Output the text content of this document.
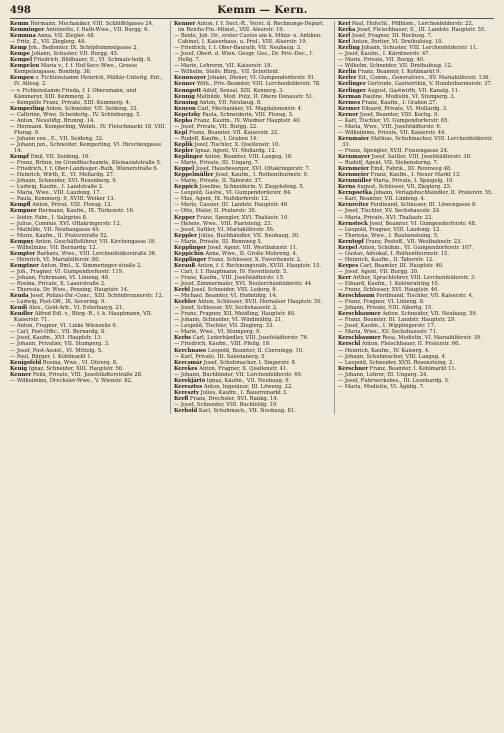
498	Kemm — Kern.

Kemm Hermann, Mechaniker, VIII. Schlöffelgasse 24.

Kemminger Antoinette, f. Rath-Wwe., VII. Burgg. 6.

Kemmna Anna, VII. Ziegler. 48.

— Fritz, Z., VII. Zieglerg. 48.

Kemp Joh., Bedienter, IX. Schöpfsimmelgasse 2.

Kempe Johann, Schuster, VII. Burgg. 45.

Kempel Friedrich, Bildhauer, E., VI. Schmalz-hofg. 8.

Kempelen Maria v., f. f. Hof-Secr.-Wwe., Grosse Kempelengasse, Bondstg. 36.

Kempen v. Fichtenstamm Heinrich, Militär-Unterlg. Ent., IV. Alleeg. 2.

— v. Fichtenstamm Frieda, f. f. Obersmann, und Kämmerer, XIII. Kemmerg. 2.

— Kempelle Franz, Private, XIII. Kemmerg. 4.

Kemperling Anton, Schneider, VII. Seideng. 32.

— Cathrine, Wwe. Scheiderlg., IV. Schönburgg. 5.

— Anton, Neustiftg. Brunng. 14.

— Hermann, Kemperling, Weinh., IV. Fleischmarkt 18, VIII. Florag. 9.

— Johann sen., E., VII. Seideng. 32.

— Johann jun., Schneider, Kemperling, VI. Hirschengasse 14.

Kempf Emil, VII. Seideng. 16.

— Franz, Brünn. im Grundbuchsamte, Kleinasiatstraße 5.

— Friedrich, f. f. Ober-Landesger.-Rath, Wienerstraße 6.

— Heinrich, Wirth, E., VI. Mollardg. 27.

— Johann, Schneider, XVI. Rosenberg. 9.

— Ludwig, Kaufm., I. Landstraße 2.

— Maria, Wwe., VIII. Laudong. 17.

— Paula, Kemmerg. 9, XVIII. Weiker 13.

Kempfl Anton, Privat, VIII. Florag. 12.

Kempner Hermann, Kaufm., IX. Türkenstr. 16.

— Isidor, Fabr., I. Salzgries 8.

— Julius, Commis, XVI. Ottakringerstr. 12.

— Mathilde, VII. Neubaugasse 44.

— Moriz, Kaufm., II. Praterstraße 52.

Kempny Anton, Geschäftsführer, VII. Kirchengasse 18.

— Wilhelmine, VII. Bernardg. 12.

Kempter Barbara, Wwe., VIII. Lerchenfelderstraße 36.

— Heinrich, VI. Mariahilferstr. 80.

Kemptner Anton, Bmt., X. Simmeringer-straße 2.

— Joh., Fragner, VI. Gumpendorferstr. 119.

— Johann, Fuhrmann, VI. Linieng. 48.

— Rosina, Private, X. Laaerstraße 2.

— Theresia, Dr. Wwe., Penzing, Hauptstr. 14.

Kenda Josef, Polizei-Dir.-Conc., XIII. Schönbrunnerstr. 12.

— Ludwig, Post-Off., IX. Severing. 9.

Kendi Alex., Gold-Arb., VI. Esterhazyg. 21.

Kendler Alfred Edl. v., Bürg.-R., f. k. Hauptmann, VII. Kaiserstr. 71.

— Anton, Fragner, VI. Linke Wienzeile 6.

— Carl, Post-Offic., VII. Bernardg. 8.

— Josef, Kaufm., XVI. Hauptstr. 13.

— Johann, Privatier, VII. Stumperg. 3.

— Josef, Post-Assist., VI. Mittelg. 5.

— Paul, Bürger, I. Kohlmarkt 1.

Kenigsfeld Rosina, Wwe., VI. Dürerg. 8.

Kenig Ignaz, Schneider, XIII. Hauptstr. 56.

Kenner Felix, Private, VIII. Josefstädterstraße 28.

— Wilhelmine, Drechsler-Wwe., V. Wienstr. 82.

Kenner Anton, f. f. Sect.-R., Vorst. d. Rechnungs-Depart. im Reichs-Fin.-Minist., VIII. Alserstr. 19.

— Beide, Joh. Dr., erster Custos am k. Münz- u. Antiken-Cabinet, I. Kaiserhaus, u. Prof., VIII. Alserstr. 19.

— Friedrich, f. f. Ober-Baurath, VII. Neubaug. 3.

— Josef, Oberl. d. Wien. Geogr. Ges., Dr. Priv.-Doc., I. Heßg. 7.

— Marie, Lehrerin, VII. Kaiserstr. 18.

— Wilhelm, Stellv. Bürg., VII. Schottenf.

Kennwayer Johann, Diener, VI. Gumpendorferstr. 91.

Kenner Wilh., Priv.-Beamter, VIII. Lerchenfelderstr. 78.

Kenngott Adolf, Sensal, XIII. Kennerg. 3.

Kennig Mathilde, Mod. Putz, II. Obere Donaustr. 51.

Kensing Anton, VII. Neubaug. 8.

Kenyon Carl, Mechaniker, VI. Magdalenenstr. 4.

Kepetzky Paula, Schneiderin, VIII. Florag. 5.

Kepka Franz, Kaufm., IV. Wiedner Hauptstr. 40.

— Josef, Private, VII. Burgg. 22.

Kepl Franz, Beamter, VII. Kaiserstr. 32.

— Rudolf, Kaufm., I. Graben 14.

Keplik Josef, Tischler, X. Quellenstr. 10.

Kepler Ignaz, Agent, VI. Mollardg. 12.

Keplinger Anton, Beamter, VIII. Langeg. 18.

— Marie, Private, III. Ungarg. 7.

Keppel Josef, Hausbesorger, XVI. Ottakringerstr. 7.

Keppelmüller Josef, Kaufm., I. Rothenthurmstr. 9.

— Marie, Private, II. Taborstr. 37.

Keppich Josefine, Schneiderin, V. Ziegelofeng. 5.

— Leopold, Gastw., VI. Gumpendorferstr. 84.

— Max, Agent, IX. Nußdorferstr. 12.

— Moriz, Cassier, III. Landstr. Hauptstr. 46.

— Otto, Maler, II. Praterstr. 30.

Kepper Franz, Spengler, XVI. Thaliastr. 10.

— Helene, Wwe., VIII. Piaristeng. 23.

— Josef, Sattler, VI. Mariahilferstr. 56.

Keppler Julius, Buchhändler, VII. Neubaug. 30.

— Marie, Private, III. Rennweg 5.

Keppfinger Josef, Agent, VII. Westbahnstr. 11.

Keppichin Anna, Wwe., II. Große Mohreng. 4.

Kepplinger Franz, Schlosser, X. Favoritenstr. 2.

Kerauß Anton, f. f. Rechnungsrath, XVIII. Hauptstr. 15.

— Carl, f. f. Hauptmann, IV. Favoritenstr. 5.

— Franz, Kaufm., VIII. Josefstädterstr. 15.

— Josef, Zimmermaler, XVI. Neulerchenfelderstr. 44.

Kerbl Josef, Schneider, VIII. Lederg. 9.

— Michael, Beamter, VI. Hofmühlg. 14.

Kerbler Anton, Schlosser, XVII. Hernalser Hauptstr. 50.

— Josef, Schlosser, XV. Sechshausstr. 2.

— Franz, Fragner, XII. Meidling, Hauptstr. 60.

— Johann, Schneider, VI. Windmühlg. 21.

— Leopold, Tischler, VII. Zieglerg. 33.

— Marie, Wwe., VI. Stumperg. 9.

Kerbs Carl, Lederhändler, VIII. Josefstädterstr. 76.

— Friedrich, Kaufm., VIII. Pfeilg. 19.

Kerchnawe Leopold, Beamter, II. Czerningg. 10.

— Karl, Private, III. Salesianerg. 5.

Kercsmár Josef, Schuhmacher, I. Singerstr. 8.

Kerekes Anton, Fragner, X. Quellenstr. 41.

— Johann, Buchbinder, VII. Lerchenfelderstr. 49.

Kerekjártó Ignaz, Kaufm., VII. Neubaug. 9.

Keresztes Anton, Ingenieur, III. Löweng. 22.

Kereszty Julius, Kaufm., I. Bauernmarkt 3.

Kerfl Franz, Drechsler, XVI. Rankg. 14.

— Josef, Schneider, VIII. Buchfeldg. 19.

Kerhold Karl, Schuhmach., VII. Neubaug. 81.

Kerl Paul, Hofschl., Pfdhlsm., Lerchenfelderstr. 22.

Kerka Josef, Fleischhauer, E., III. Landstr. Hauptstr. 55.

Kerl Josef, Fragner, III. Rochusg. 7.

Kerl Anton, Portier, VI. Dreihufeisg. 10.

Kerling Johann, Schuster, VIII. Lerchenfelderstr. 11.

— Josef, Kaufm., I. Kärntnerstr. 47.

— Marie, Private, VII. Burgg. 40.

— Wilhelm, Schneider, VII. Dreihufeisg. 12.

Kerlin Franz, Beamter, I. Kohlmarkt 9.

Kerler Ed., Comm., Generalvers., XV. Mariahilferstr. 136.

Kerlinger Gertrude, Gastwirthin, V. Hundsthurmerstr. 37.

Kerlinger August, Gastwirth, VII. Kanalg. 11.

Kerman Pauline, Modistin, VI. Stumperg. 3.

Kermes Franz, Kaufm., I. Graben 27.

Kermer Eduard, Private, VI. Mollardg. 3.

Kerner Josef, Beamter, VIII. Kochg. 9.

— Karl, Tischler, VI. Gumpendorferstr. 65.

— Maria, Wwe., VIII. Josefstädterstr. 6.

— Wilhelmine, Private, VII. Kaiserstr. 44.

Kernmaier Mathias, Schuhmacher, VIII. Lerchenfelderstr. 33.

— Franz, Spengler, XVII. Frauengasse 24.

Kernmayer Josef, Sattler, VIII. Josefstädterstr. 30.

— Rudolf, Agent, VII. Siebensterng. 7.

Kernmeier Emil, Fabrik., III. Rennweg 48.

Kernmeier Franz, Kaufm., I. Neuer Markt 13.

Kernmüller Maria, Private, I. Spiegelg. 10.

Kerns August, Schlosser, VII. Zieglerg. 25.

Kernpoetka Johann, Verlagsbuchhändler, II. Praterstr. 55.

— Karl, Beamter, VII. Lindeng. 4.

Kernreiter Ferdinand, Schlosser, III. Löwengasse 8.

— Josef, Tischler, XV. Sechshausstr. 24.

— Maria, Private, XVI. Thaliastr. 22.

Kernstock Josef, Beamter, VI. Gumpendorferstr. 48.

— Leopold, Fragner, VIII. Laudong. 12.

— Theresia, Wwe., I. Rauhensteing. 5.

Kerntopf Franz, Postoff., VII. Westbahnstr. 23.

Kerpel Anton, Schuhm., VI. Gumpendorferstr. 107.

— Gustav, Advokat, I. Rothenthurmstr. 15.

— Heinrich, Kaufm., II. Taborstr. 12.

Kerpes Carl, Beamter, III. Hauptstr. 40.

— Josef, Agent, VII. Burgg. 30.

Kerr Arthur, Sprachlehrer, VIII. Lerchenfelderstr. 3.

— Eduard, Kaufm., I. Kolowratring 10.

— Franz, Schlosser, XVI. Hauptstr. 46.

Kerschbaum Ferdinand, Tischler, VII. Kaiserstr. 4.

— Franz, Fragner, VI. Linieng. 8.

— Johann, Private, VIII. Albertg. 15.

Kerschbaumer Anton, Schneider, VII. Neubaug. 59.

— Franz, Beamter, III. Landstr. Hauptstr. 29.

— Josef, Kaufm., I. Wipplingerstr. 17.

— Maria, Wwe., XV. Sechshausstr. 71.

Kerschbaumer Rosa, Modistin, VI. Mariahilferstr. 39.

Kerschl Anton, Fleischhauer, II. Praterstr. 66.

— Heinrich, Kaufm., IV. Kaiserg. 4.

— Johann, Schuhmacher, VIII. Langeg. 4.

— Leopold, Schneider, XVII. Rosensteing. 2.

Kerschner Franz, Beamter, I. Kohlmarkt 11.

— Johann, Lehrer, III. Ungarg. 24.

— Josef, Fuhrwerksbes., III. Leonhardg. 5.

— Maria, Modistin, VI. Ägidig. 7.
